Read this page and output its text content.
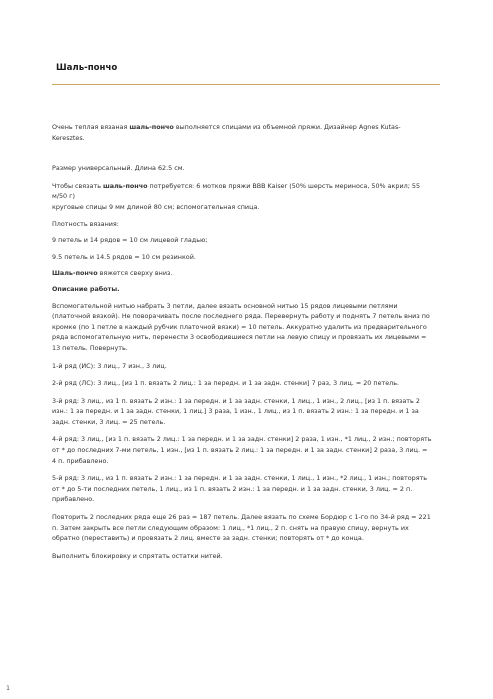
Шаль-пончо

Очень теплая вязаная шаль-пончо выполняется спицами из объемной пряжи. Дизайнер Agnes Kutas-Keresztes.

Размер универсальный. Длина 62.5 см.

Чтобы связать шаль-пончо потребуется: 6 мотков пряжи BBB Kaiser (50% шерсть мериноса, 50% акрил; 55 м/50 г)
круговые спицы 9 мм длиной 80 см; вспомогательная спица.

Плотность вязания:

9 петель и 14 рядов = 10 см лицевой гладью;

9.5 петель и 14.5 рядов = 10 см резинкой.

Шаль-пончо вяжется сверху вниз.

Описание работы.

Вспомогательной нитью набрать 3 петли, далее вязать основной нитью 15 рядов лицевыми петлями (платочной вязкой). Не поворачивать после последнего ряда. Перевернуть работу и поднять 7 петель вниз по кромке (по 1 петле в каждый рубчик платочной вязки) = 10 петель. Аккуратно удалить из предварительного ряда вспомогательную нить, перенести 3 освободившиеся петли на левую спицу и провязать их лицевыми = 13 петель. Повернуть.

1-й ряд (ИС): 3 лиц., 7 изн., 3 лиц.

2-й ряд (ЛС): 3 лиц., [из 1 п. вязать 2 лиц.: 1 за передн. и 1 за задн. стенки] 7 раз, 3 лиц. = 20 петель.

3-й ряд: 3 лиц., из 1 п. вязать 2 изн.: 1 за передн. и 1 за задн. стенки, 1 лиц., 1 изн., 2 лиц., [из 1 п. вязать 2 изн.: 1 за передн. и 1 за задн. стенки, 1 лиц.] 3 раза, 1 изн., 1 лиц., из 1 п. вязать 2 изн.: 1 за передн. и 1 за задн. стенки, 3 лиц. = 25 петель.

4-й ряд: 3 лиц., [из 1 п. вязать 2 лиц.: 1 за передн. и 1 за задн. стенки] 2 раза, 1 изн., *1 лиц., 2 изн.; повторять от * до последних 7-ми петель, 1 изн., [из 1 п. вязать 2 лиц.: 1 за передн. и 1 за задн. стенки] 2 раза, 3 лиц. = 4 п. прибавлено.

5-й ряд: 3 лиц., из 1 п. вязать 2 изн.: 1 за передн. и 1 за задн. стенки, 1 лиц., 1 изн., *2 лиц., 1 изн.; повторять от * до 5-ти последних петель, 1 лиц., из 1 п. вязать 2 изн.: 1 за передн. и 1 за задн. стенки, 3 лиц. = 2 п. прибавлено.

Повторить 2 последних ряда еще 26 раз = 187 петель. Далее вязать по схеме Бордюр с 1-го по 34-й ряд = 221 п. Затем закрыть все петли следующим образом: 1 лиц., *1 лиц., 2 п. снять на правую спицу, вернуть их обратно (переставить) и провязать 2 лиц. вместе за задн. стенки; повторять от * до конца.

Выполнить блокировку и спрятать остатки нитей.

1
